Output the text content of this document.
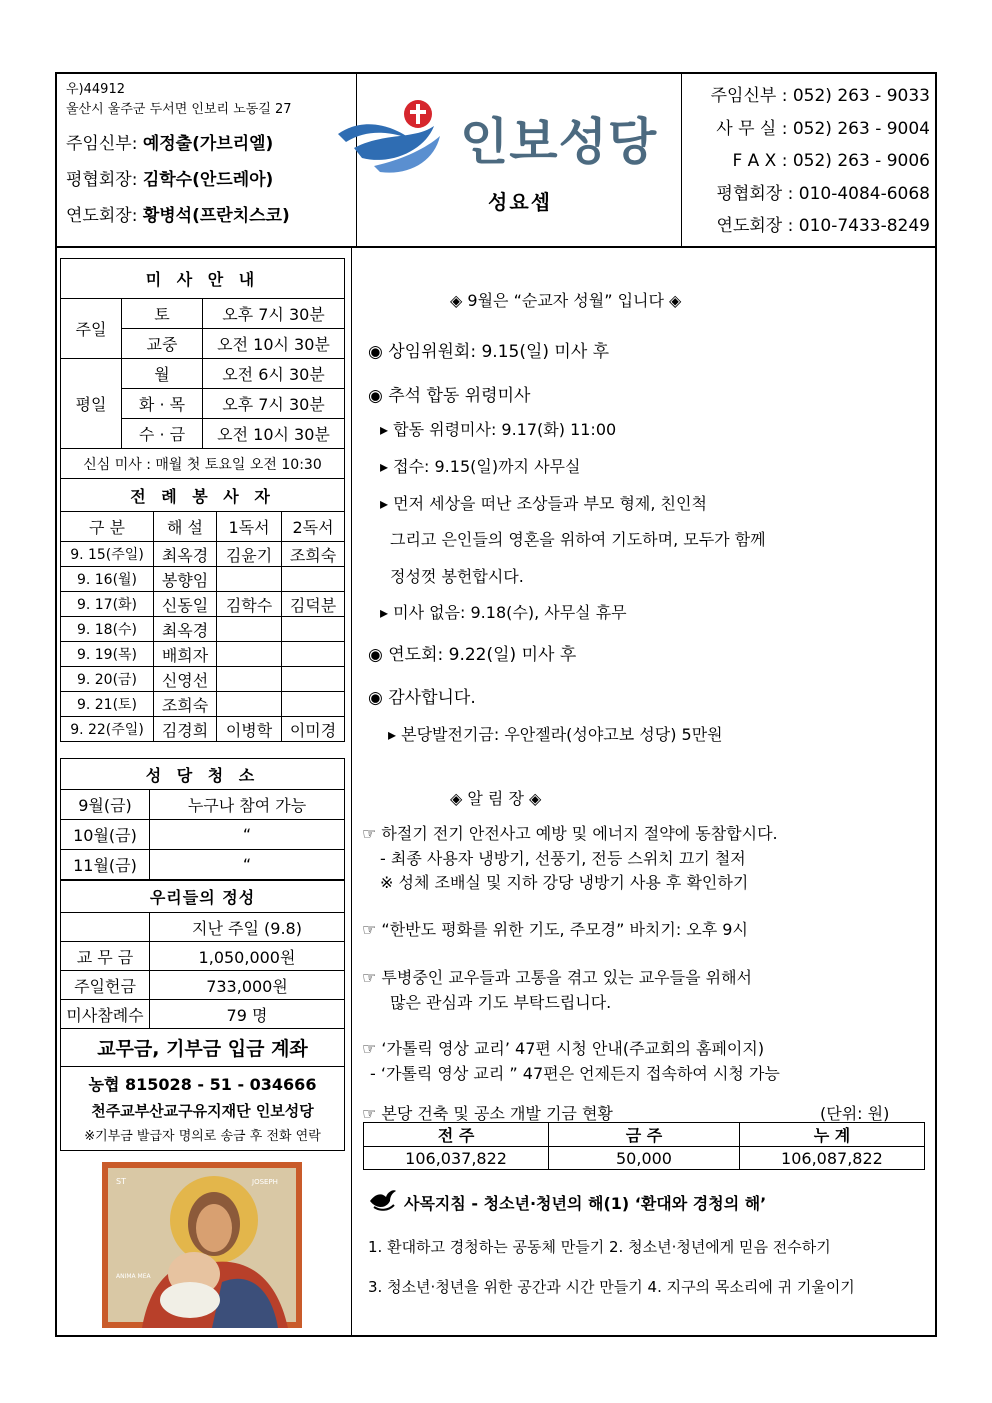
우)44912
울산시 울주군 두서면 인보리 노동길 27
주임신부: 예정출(가브리엘)
평협회장: 김학수(안드레아)
연도회장: 황병석(프란치스코)
인보성당
성요셉
주임신부 : 052) 263 - 9033
사 무 실 : 052) 263 - 9004
F A X : 052) 263 - 9006
평협회장 : 010-4084-6068
연도회장 : 010-7433-8249
미 사 안 내		
주일	토	오후 7시 30분
	교중	오전 10시 30분
평일	월	오전 6시 30분
	화 · 목	오후 7시 30분
	수 · 금	오전 10시 30분
신심 미사 : 매월 첫 토요일 오전 10:30		
전 례 봉 사 자			
구 분	해 설	1독서	2독서
9. 15(주일)	최옥경	김윤기	조희숙
9. 16(월)	봉향임		
9. 17(화)	신동일	김학수	김덕분
9. 18(수)	최옥경		
9. 19(목)	배희자		
9. 20(금)	신영선		
9. 21(토)	조희숙		
9. 22(주일)	김경희	이병학	이미경
성 당 청 소	
9월(금)	누구나 참여 가능
10월(금)	“
11월(금)	“
우리들의 정성	
	지난 주일 (9.8)
교 무 금	1,050,000원
주일헌금	733,000원
미사참례수	79 명
교무금, 기부금 입금 계좌

농협 815028 - 51 - 034666
천주교부산교구유지재단 인보성당
※기부금 발급자 명의로 송금 후 전화 연락
ST	JOSEPH
ANIMA MEA
◈ 9월은 “순교자 성월” 입니다 ◈
◉ 상임위원회: 9.15(일) 미사 후
◉ 추석 합동 위령미사
▸ 합동 위령미사: 9.17(화) 11:00
▸ 접수: 9.15(일)까지 사무실
▸ 먼저 세상을 떠난 조상들과 부모 형제, 친인척
그리고 은인들의 영혼을 위하여 기도하며, 모두가 함께
정성껏 봉헌합시다.
▸ 미사 없음: 9.18(수), 사무실 휴무
◉ 연도회: 9.22(일) 미사 후
◉ 감사합니다.
▸ 본당발전기금: 우안젤라(성야고보 성당) 5만원
◈ 알 림 장 ◈
☞ 하절기 전기 안전사고 예방 및 에너지 절약에 동참합시다.
- 최종 사용자 냉방기, 선풍기, 전등 스위치 끄기 철저
※ 성체 조배실 및 지하 강당 냉방기 사용 후 확인하기
☞ “한반도 평화를 위한 기도, 주모경” 바치기: 오후 9시
☞ 투병중인 교우들과 고통을 겪고 있는 교우들을 위해서
많은 관심과 기도 부탁드립니다.
☞ ‘가톨릭 영상 교리’ 47편 시청 안내(주교회의 홈페이지)
- ‘가톨릭 영상 교리 ” 47편은 언제든지 접속하여 시청 가능
☞ 본당 건축 및 공소 개발 기금 현황	(단위: 원)
전 주	금 주	누 계
106,037,822	50,000	106,087,822
사목지침 - 청소년·청년의 해(1) ‘환대와 경청의 해’
1. 환대하고 경청하는 공동체 만들기 2. 청소년·청년에게 믿음 전수하기
3. 청소년·청년을 위한 공간과 시간 만들기 4. 지구의 목소리에 귀 기울이기
